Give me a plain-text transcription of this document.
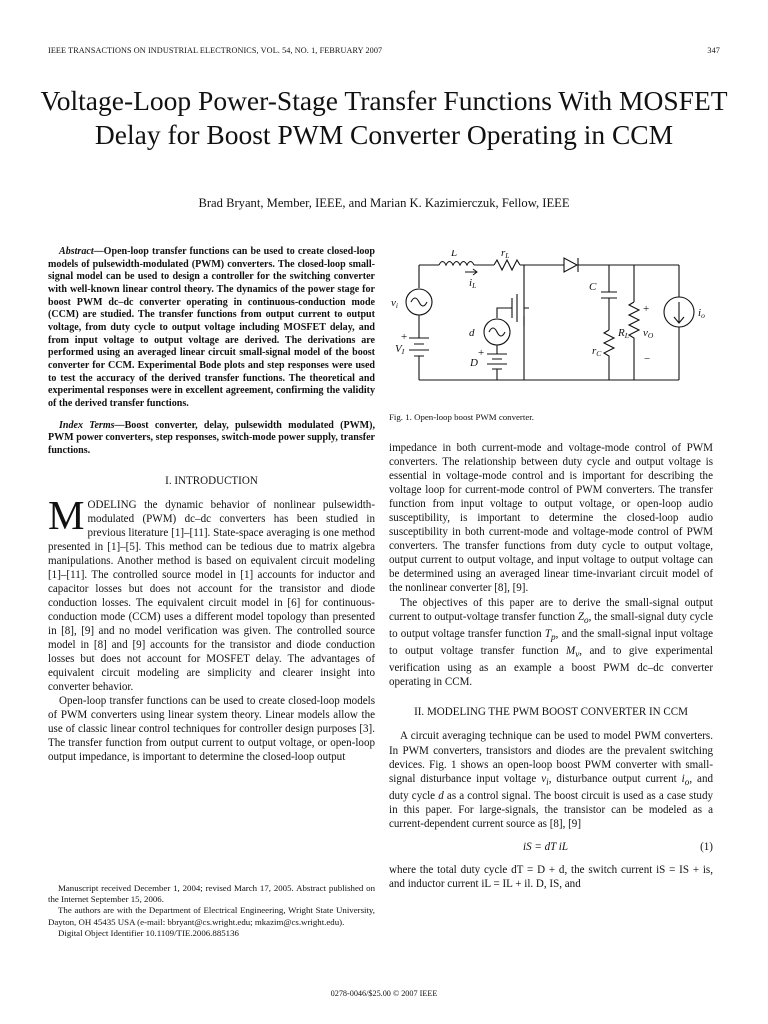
IEEE TRANSACTIONS ON INDUSTRIAL ELECTRONICS, VOL. 54, NO. 1, FEBRUARY 2007	347
Voltage-Loop Power-Stage Transfer Functions With MOSFET Delay for Boost PWM Converter Operating in CCM
Brad Bryant, Member, IEEE, and Marian K. Kazimierczuk, Fellow, IEEE

Abstract—Open-loop transfer functions can be used to create closed-loop models of pulsewidth-modulated (PWM) converters. The closed-loop small-signal model can be used to design a controller for the switching converter with well-known linear control theory. The dynamics of the power stage for boost PWM dc–dc converter operating in continuous-conduction mode (CCM) are studied. The transfer functions from output current to output voltage, from duty cycle to output voltage including MOSFET delay, and from input voltage to output voltage are derived. The derivations are performed using an averaged linear circuit small-signal model of the boost converter for CCM. Experimental Bode plots and step responses were used to test the accuracy of the derived transfer functions. The theoretical and experimental responses were in excellent agreement, confirming the validity of the derived transfer functions.

Index Terms—Boost converter, delay, pulsewidth modulated (PWM), PWM power converters, step responses, switch-mode power supply, transfer functions.

I. INTRODUCTION

MODELING the dynamic behavior of nonlinear pulsewidth-modulated (PWM) dc–dc converters has been studied in previous literature [1]–[11]. State-space averaging is one method presented in [1]–[5]. This method can be tedious due to matrix algebra manipulations. Another method is based on equivalent circuit modeling [1]–[11]. The controlled source model in [1] accounts for inductor and capacitor losses but does not account for the transistor and diode conduction losses. The equivalent circuit model in [6] for continuous-conduction mode (CCM) uses a different model topology than presented in [8], [9] and no model verification was given. The controlled source model in [8] and [9] accounts for the transistor and diode conduction losses but does not account for MOSFET delay. The advantages of equivalent circuit modeling are simplicity and clearer insight into converter behavior.

Open-loop transfer functions can be used to create closed-loop models of PWM converters using linear system theory. Linear models allow the use of classic linear control techniques for controller design purposes [3]. The transfer function from output current to output voltage, or open-loop output impedance, is important to determine the closed-loop output

Manuscript received December 1, 2004; revised March 17, 2005. Abstract published on the Internet September 15, 2006.

The authors are with the Department of Electrical Engineering, Wright State University, Dayton, OH 45435 USA (e-mail: bbryant@cs.wright.edu; mkazim@cs.wright.edu).

Digital Object Identifier 10.1109/TIE.2006.885136

L	rL
iL
vi
VI
d
D
C
rC
RL vO
io
+
−
+
+
Fig. 1. Open-loop boost PWM converter.

impedance in both current-mode and voltage-mode control of PWM converters. The relationship between duty cycle and output voltage is essential in voltage-mode control and is important for describing the voltage loop for current-mode control of PWM converters. The transfer function from input voltage to output voltage, or open-loop audio susceptibility, is important to determine the closed-loop audio susceptibility in both current-mode and voltage-mode control of PWM converters. The transfer functions from duty cycle to output voltage, output current to output voltage, and input voltage to output voltage can be determined using an averaged linear time-invariant circuit model of the nonlinear converter [8], [9].

The objectives of this paper are to derive the small-signal output current to output-voltage transfer function $Z_o$, the small-signal duty cycle to output voltage transfer function $T_p$, and the small-signal input voltage to output voltage transfer function $M_v$, and to give experimental verification using as an example a boost PWM dc–dc converter operating in CCM.

II. MODELING THE PWM BOOST CONVERTER IN CCM

A circuit averaging technique can be used to model PWM converters. In PWM converters, transistors and diodes are the prevalent switching devices. Fig. 1 shows an open-loop boost PWM converter with small-signal disturbance input voltage $v_i$, disturbance output current $i_o$, and duty cycle d as a control signal. The boost circuit is used as a case study in this paper. For large-signals, the transistor can be modeled as a current-dependent current source as [8], [9]

iS = dT iL	(1)

where the total duty cycle dT = D + d, the switch current iS = IS + is, and inductor current iL = IL + il. D, IS, and

0278-0046/$25.00 © 2007 IEEE
